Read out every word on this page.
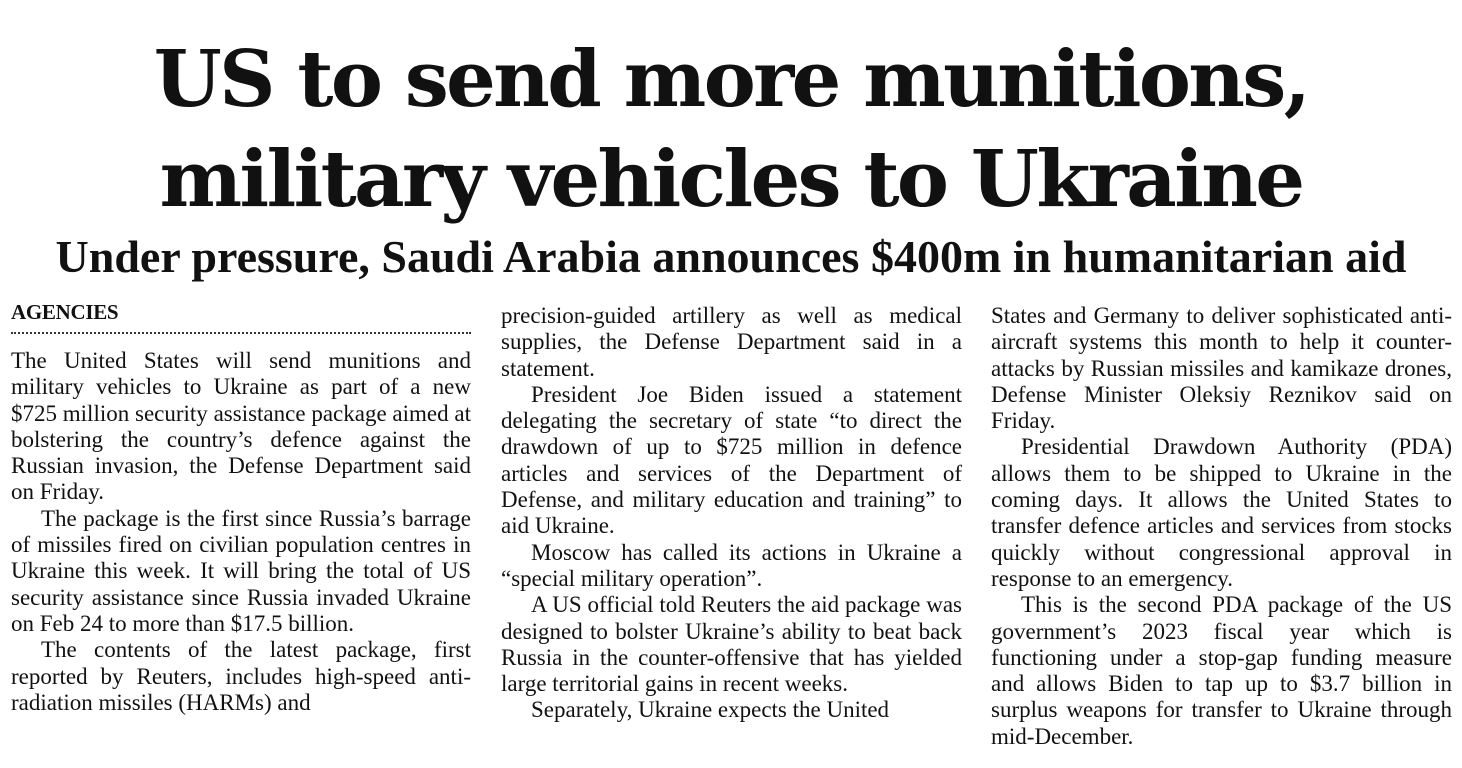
US to send more munitions, military vehicles to Ukraine
Under pressure, Saudi Arabia announces $400m in humanitarian aid
AGENCIES

The United States will send munitions and military vehicles to Ukraine as part of a new $725 million security assistance package aimed at bolstering the country’s defence against the Russian invasion, the Defense Department said on Friday.

The package is the first since Russia’s barrage of missiles fired on civilian population centres in Ukraine this week. It will bring the total of US security assistance since Russia invaded Ukraine on Feb 24 to more than $17.5 billion.

The contents of the latest package, first reported by Reuters, includes high-speed anti-radiation missiles (HARMs) and

precision-guided artillery as well as medical supplies, the Defense Department said in a statement.

President Joe Biden issued a statement delegating the secretary of state “to direct the drawdown of up to $725 million in defence articles and services of the Department of Defense, and military education and training” to aid Ukraine.

Moscow has called its actions in Ukraine a “special military operation”.

A US official told Reuters the aid package was designed to bolster Ukraine’s ability to beat back Russia in the counter-offensive that has yielded large territorial gains in recent weeks.

Separately, Ukraine expects the United

States and Germany to deliver sophisticated anti-aircraft systems this month to help it counter-attacks by Russian missiles and kamikaze drones, Defense Minister Oleksiy Reznikov said on Friday.

Presidential Drawdown Authority (PDA) allows them to be shipped to Ukraine in the coming days. It allows the United States to transfer defence articles and services from stocks quickly without congressional approval in response to an emergency.

This is the second PDA package of the US government’s 2023 fiscal year which is functioning under a stop-gap funding measure and allows Biden to tap up to $3.7 billion in surplus weapons for transfer to Ukraine through mid-December.
